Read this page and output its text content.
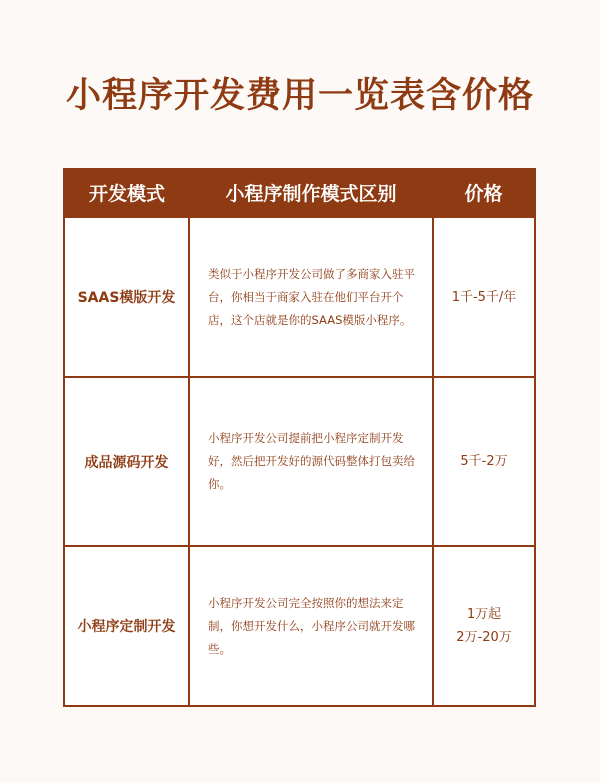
小程序开发费用一览表含价格
开发模式	小程序制作模式区别	价格
SAAS模版开发
类似于小程序开发公司做了多商家入驻平台，你相当于商家入驻在他们平台开个店，这个店就是你的SAAS模版小程序。
1千-5千/年
成品源码开发
小程序开发公司提前把小程序定制开发好，然后把开发好的源代码整体打包卖给你。
5千-2万
小程序定制开发
小程序开发公司完全按照你的想法来定制，你想开发什么，小程序公司就开发哪些。
1万起
2万-20万
